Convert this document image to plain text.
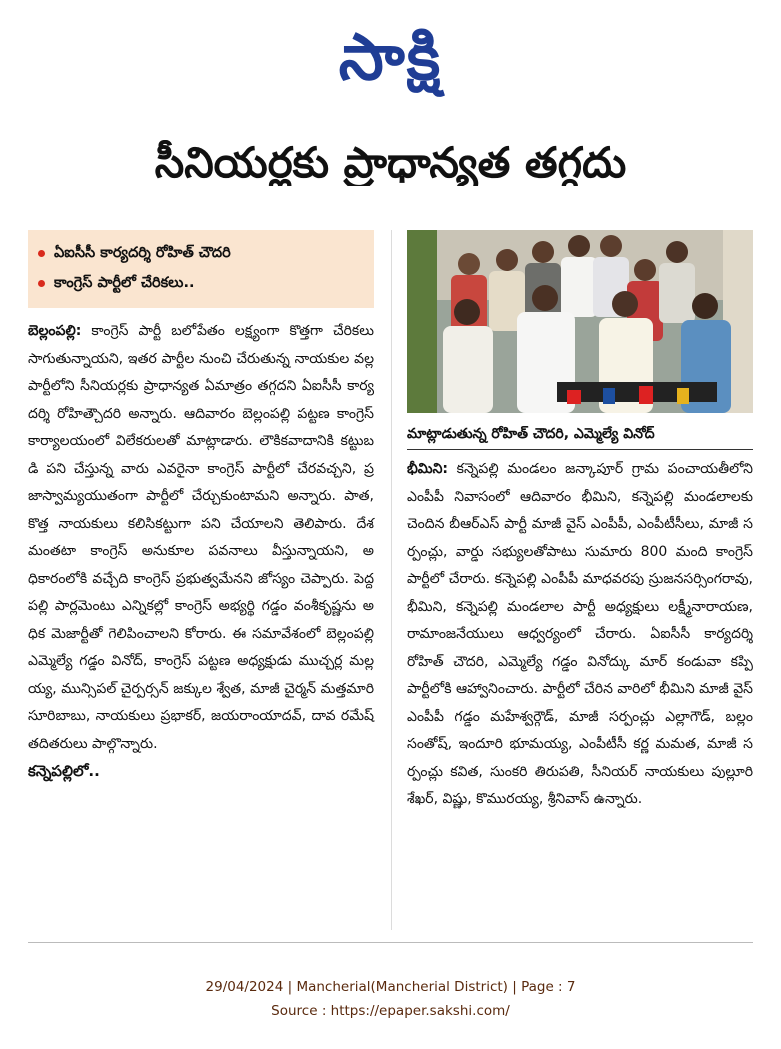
సాక్షి
సీనియర్లకు ప్రాధాన్యత తగ్గదు
ఏఐసీసీ కార్యదర్శి రోహిత్ చౌదరి
కాంగ్రెస్ పార్టీలో చేరికలు..

బెల్లంపల్లి: కాంగ్రెస్ పార్టీ బలోపేతం లక్ష్యంగా కొత్తగా చేరికలు సాగుతున్నాయని, ఇతర పార్టీల నుంచి చేరుతున్న నాయకుల వల్ల పార్టీలోని సీనియర్లకు ప్రాధాన్యత ఏమాత్రం తగ్గదని ఏఐసీసీ కార్యదర్శి రోహిత్చౌదరి అన్నారు. ఆదివారం బెల్లంపల్లి పట్టణ కాంగ్రెస్ కార్యాలయంలో విలేకరులతో మాట్లాడారు. లౌకికవాదానికి కట్టుబడి పని చేస్తున్న వారు ఎవరైనా కాంగ్రెస్ పార్టీలో చేరవచ్చని, ప్రజాస్వామ్యయుతంగా పార్టీలో చేర్చుకుంటామని అన్నారు. పాత, కొత్త నాయకులు కలిసికట్టుగా పని చేయాలని తెలిపారు. దేశమంతటా కాంగ్రెస్ అనుకూల పవనాలు వీస్తున్నాయని, అధికారంలోకి వచ్చేది కాంగ్రెస్ ప్రభుత్వమేనని జోస్యం చెప్పారు. పెద్దపల్లి పార్లమెంటు ఎన్నికల్లో కాంగ్రెస్ అభ్యర్థి గడ్డం వంశీకృష్ణను అధిక మెజార్టీతో గెలిపించాలని కోరారు. ఈ సమావేశంలో బెల్లంపల్లి ఎమ్మెల్యే గడ్డం వినోద్, కాంగ్రెస్ పట్టణ అధ్యక్షుడు ముచ్చర్ల మల్లయ్య, మున్సిపల్ చైర్పర్సన్ జక్కుల శ్వేత, మాజీ చైర్మన్ మత్తమారి సూరిబాబు, నాయకులు ప్రభాకర్, జయరాంయాదవ్, దావ రమేష్ తదితరులు పాల్గొన్నారు.

కన్నెపల్లిలో..

మాట్లాడుతున్న రోహిత్ చౌదరి, ఎమ్మెల్యే వినోద్

భీమిని: కన్నెపల్లి మండలం జన్కాపూర్ గ్రామ పంచాయతీలోని ఎంపీపీ నివాసంలో ఆదివారం భీమిని, కన్నెపల్లి మండలాలకు చెందిన బీఆర్ఎస్ పార్టీ మాజీ వైస్ ఎంపీపీ, ఎంపీటీసీలు, మాజీ సర్పంచ్లు, వార్డు సభ్యులతోపాటు సుమారు 800 మంది కాంగ్రెస్ పార్టీలో చేరారు. కన్నెపల్లి ఎంపీపీ మాధవరపు స్రుజనసర్సింగరావు, భీమిని, కన్నెపల్లి మండలాల పార్టీ అధ్యక్షులు లక్ష్మీనారాయణ, రామాంజనేయులు ఆధ్వర్యంలో చేరారు. ఏఐసీసీ కార్యదర్శి రోహిత్ చౌదరి, ఎమ్మెల్యే గడ్డం వినోద్కు మార్ కండువా కప్పి పార్టీలోకి ఆహ్వానించారు. పార్టీలో చేరిన వారిలో భీమిని మాజీ వైస్ ఎంపీపీ గడ్డం మహేశ్వర్గౌడ్, మాజీ సర్పంచ్లు ఎల్లాగౌడ్, బల్లం సంతోష్, ఇందూరి భూమయ్య, ఎంపీటీసీ కర్ణ మమత, మాజీ సర్పంచ్లు కవిత, సుంకరి తిరుపతి, సీనియర్ నాయకులు పుల్లూరి శేఖర్, విష్ణు, కొమురయ్య, శ్రీనివాస్ ఉన్నారు.

29/04/2024 | Mancherial(Mancherial District) | Page : 7
Source : https://epaper.sakshi.com/
